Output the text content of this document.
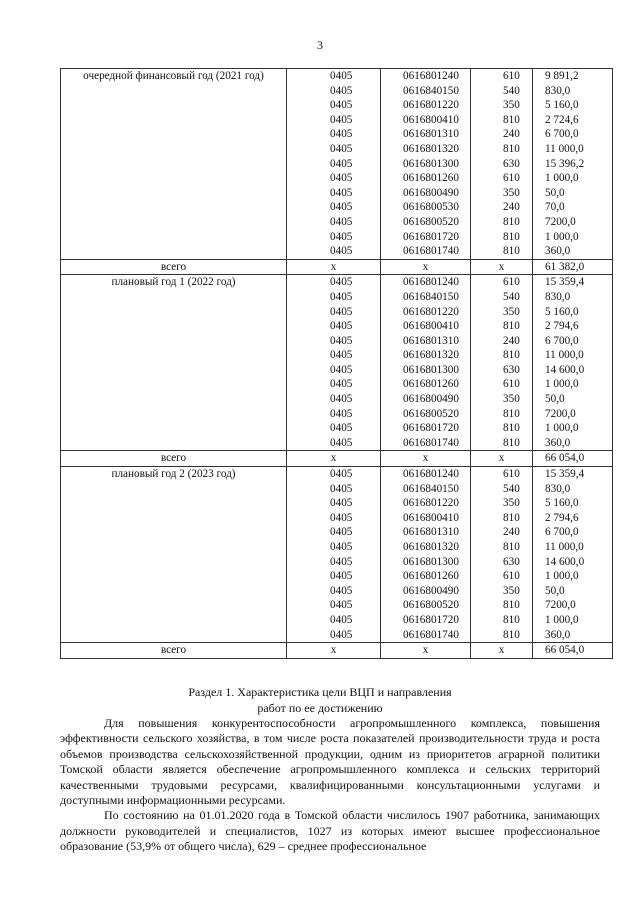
3
очередной финансовый год (2021 год)	0405	0616801240	610	9 891,2
	0405	0616840150	540	830,0
	0405	0616801220	350	5 160,0
	0405	0616800410	810	2 724,6
	0405	0616801310	240	6 700,0
	0405	0616801320	810	11 000,0
	0405	0616801300	630	15 396,2
	0405	0616801260	610	1 000,0
	0405	0616800490	350	50,0
	0405	0616800530	240	70,0
	0405	0616800520	810	7200,0
	0405	0616801720	810	1 000,0
	0405	0616801740	810	360,0
всего	x	x	x	61 382,0
плановый год 1 (2022 год)	0405	0616801240	610	15 359,4
	0405	0616840150	540	830,0
	0405	0616801220	350	5 160,0
	0405	0616800410	810	2 794,6
	0405	0616801310	240	6 700,0
	0405	0616801320	810	11 000,0
	0405	0616801300	630	14 600,0
	0405	0616801260	610	1 000,0
	0405	0616800490	350	50,0
	0405	0616800520	810	7200,0
	0405	0616801720	810	1 000,0
	0405	0616801740	810	360,0
всего	x	x	x	66 054,0
плановый год 2 (2023 год)	0405	0616801240	610	15 359,4
	0405	0616840150	540	830,0
	0405	0616801220	350	5 160,0
	0405	0616800410	810	2 794,6
	0405	0616801310	240	6 700,0
	0405	0616801320	810	11 000,0
	0405	0616801300	630	14 600,0
	0405	0616801260	610	1 000,0
	0405	0616800490	350	50,0
	0405	0616800520	810	7200,0
	0405	0616801720	810	1 000,0
	0405	0616801740	810	360,0
всего	x	x	x	66 054,0
Раздел 1. Характеристика цели ВЦП и направления
работ по ее достижению

Для повышения конкурентоспособности агропромышленного комплекса, повышения эффективности сельского хозяйства, в том числе роста показателей производительности труда и роста объемов производства сельскохозяйственной продукции, одним из приоритетов аграрной политики Томской области является обеспечение агропромышленного комплекса и сельских территорий качественными трудовыми ресурсами, квалифицированными консультационными услугами и доступными информационными ресурсами.

По состоянию на 01.01.2020 года в Томской области числилось 1907 работника, занимающих должности руководителей и специалистов, 1027 из которых имеют высшее профессиональное образование (53,9% от общего числа), 629 – среднее профессиональное
